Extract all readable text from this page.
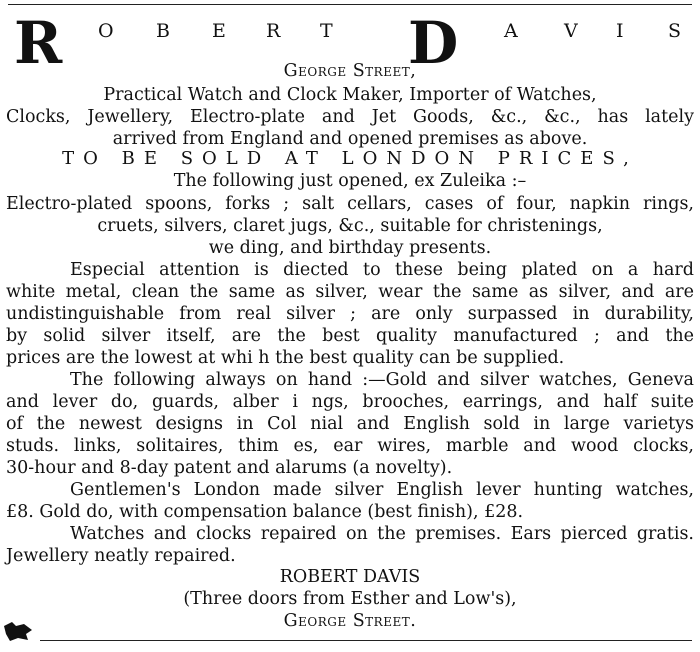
R O B E R T D A V I S
George Street,
Practical Watch and Clock Maker, Importer of Watches,
Clocks, Jewellery, Electro-plate and Jet Goods, &c., &c., has lately
arrived from England and opened premises as above.
TO BE SOLD AT LONDON PRICES,
The following just opened, ex Zuleika :–
Electro-plated spoons, forks ; salt cellars, cases of four, napkin rings,
cruets, silvers, claret jugs, &c., suitable for christenings,
we ding, and birthday presents.
Especial attention is diected to these being plated on a hard
white metal, clean the same as silver, wear the same as silver, and are
undistinguishable from real silver ; are only surpassed in durability,
by solid silver itself, are the best quality manufactured ; and the
prices are the lowest at whi h the best quality can be supplied.
The following always on hand :—Gold and silver watches, Geneva
and lever do, guards, alber i ngs, brooches, earrings, and half suite
of the newest designs in Col nial and English sold in large varietys
studs. links, solitaires, thim es, ear wires, marble and wood clocks,
30-hour and 8-day patent and alarums (a novelty).
Gentlemen's London made silver English lever hunting watches,
£8. Gold do, with compensation balance (best finish), £28.
Watches and clocks repaired on the premises. Ears pierced gratis.
Jewellery neatly repaired.
ROBERT DAVIS
(Three doors from Esther and Low's),
George Street.
